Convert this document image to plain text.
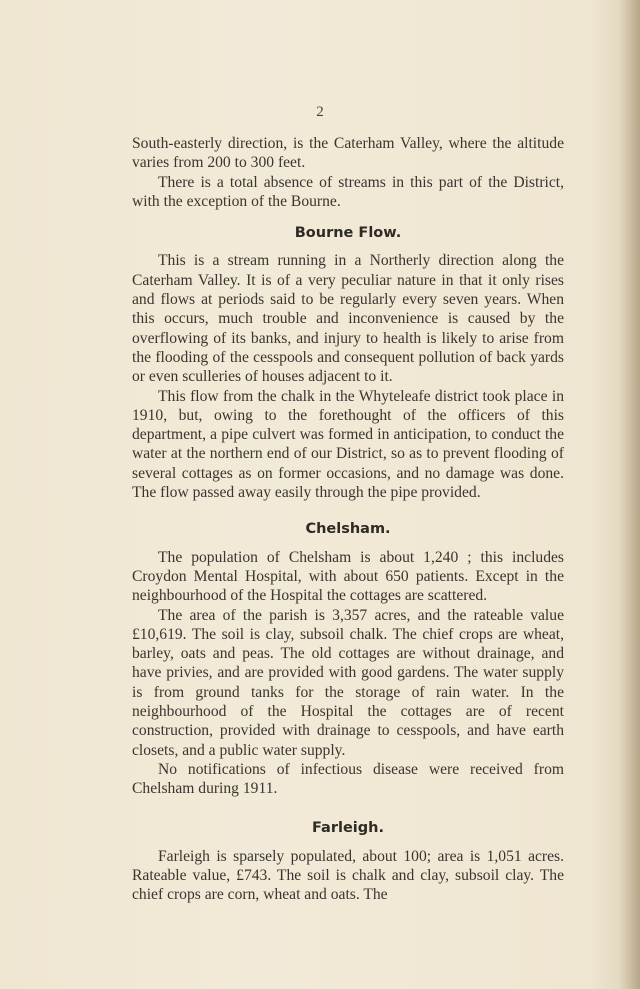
2

South-easterly direction, is the Caterham Valley, where the altitude varies from 200 to 300 feet.

There is a total absence of streams in this part of the District, with the exception of the Bourne.

Bourne Flow.

This is a stream running in a Northerly direction along the Caterham Valley. It is of a very peculiar nature in that it only rises and flows at periods said to be regularly every seven years. When this occurs, much trouble and inconvenience is caused by the overflowing of its banks, and injury to health is likely to arise from the flooding of the cesspools and consequent pollution of back yards or even sculleries of houses adjacent to it.

This flow from the chalk in the Whyteleafe district took place in 1910, but, owing to the forethought of the officers of this department, a pipe culvert was formed in anticipation, to conduct the water at the northern end of our District, so as to prevent flooding of several cottages as on former occasions, and no damage was done. The flow passed away easily through the pipe provided.

Chelsham.

The population of Chelsham is about 1,240 ; this includes Croydon Mental Hospital, with about 650 patients. Except in the neighbourhood of the Hospital the cottages are scattered.

The area of the parish is 3,357 acres, and the rateable value £10,619. The soil is clay, subsoil chalk. The chief crops are wheat, barley, oats and peas. The old cottages are without drainage, and have privies, and are provided with good gardens. The water supply is from ground tanks for the storage of rain water. In the neighbourhood of the Hospital the cottages are of recent construction, provided with drainage to cesspools, and have earth closets, and a public water supply.

No notifications of infectious disease were received from Chelsham during 1911.

Farleigh.

Farleigh is sparsely populated, about 100; area is 1,051 acres. Rateable value, £743. The soil is chalk and clay, subsoil clay. The chief crops are corn, wheat and oats. The
